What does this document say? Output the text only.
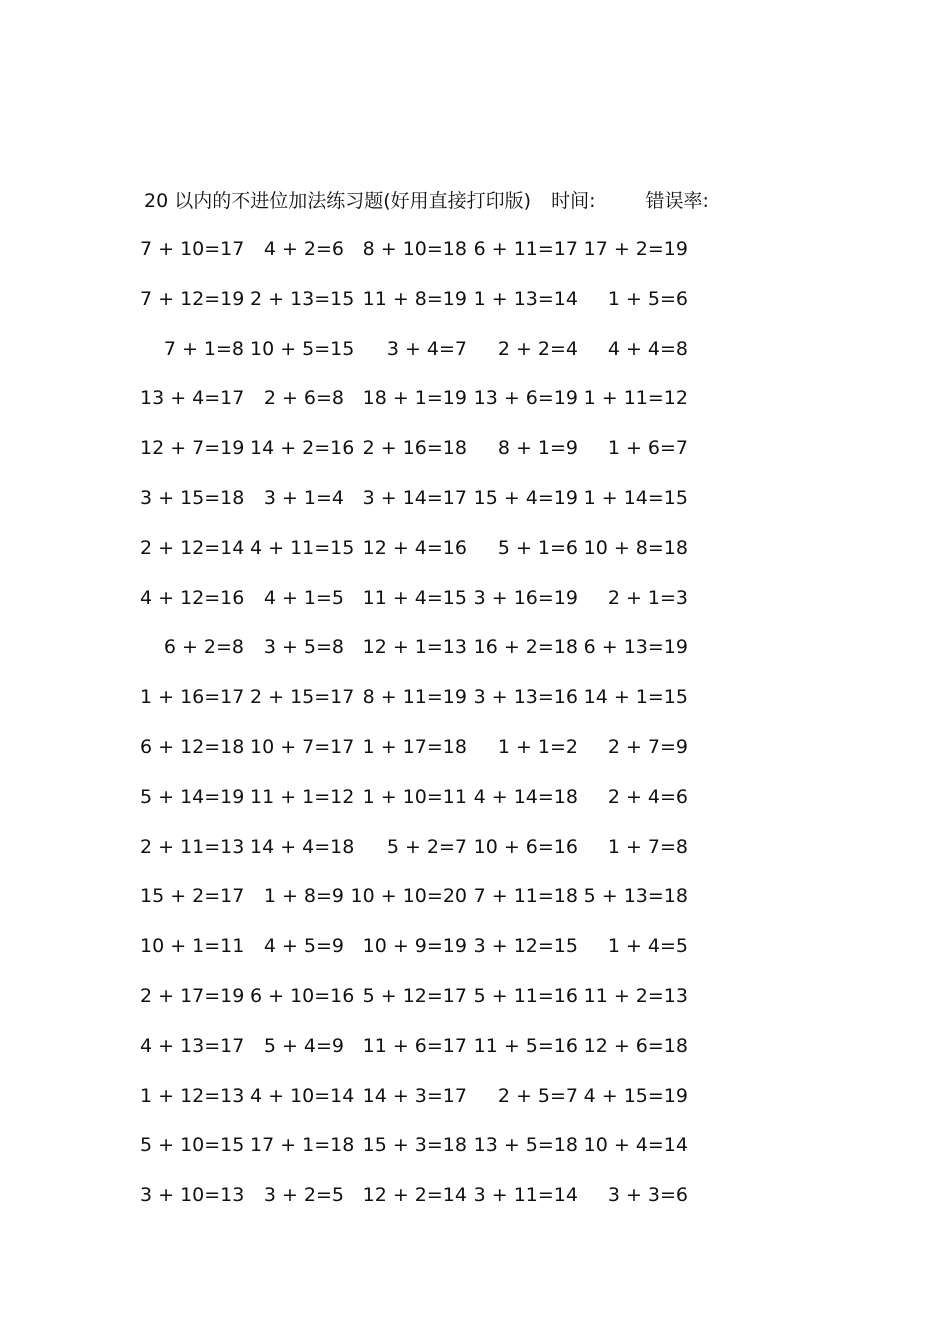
20 以内的不进位加法练习题(好用直接打印版) 时间:	错误率:
7 + 10=17	4 + 2=6 8 + 10=18 6 + 11=17 17 + 2=19
7 + 12=19 2 + 13=15 11 + 8=19 1 + 13=14	1 + 5=6
7 + 1=8 10 + 5=15	3 + 4=7	2 + 2=4	4 + 4=8
13 + 4=17	2 + 6=8 18 + 1=19 13 + 6=19 1 + 11=12
12 + 7=19 14 + 2=16 2 + 16=18	8 + 1=9	1 + 6=7
3 + 15=18	3 + 1=4 3 + 14=17 15 + 4=19 1 + 14=15
2 + 12=14 4 + 11=15 12 + 4=16	5 + 1=6 10 + 8=18
4 + 12=16	4 + 1=5 11 + 4=15 3 + 16=19	2 + 1=3
6 + 2=8	3 + 5=8 12 + 1=13 16 + 2=18 6 + 13=19
1 + 16=17 2 + 15=17 8 + 11=19 3 + 13=16 14 + 1=15
6 + 12=18 10 + 7=17 1 + 17=18	1 + 1=2	2 + 7=9
5 + 14=19 11 + 1=12 1 + 10=11 4 + 14=18	2 + 4=6
2 + 11=13 14 + 4=18	5 + 2=7 10 + 6=16	1 + 7=8
15 + 2=17	1 + 8=9 10 + 10=20 7 + 11=18 5 + 13=18
10 + 1=11	4 + 5=9 10 + 9=19 3 + 12=15	1 + 4=5
2 + 17=19 6 + 10=16 5 + 12=17 5 + 11=16 11 + 2=13
4 + 13=17	5 + 4=9 11 + 6=17 11 + 5=16 12 + 6=18
1 + 12=13 4 + 10=14 14 + 3=17	2 + 5=7 4 + 15=19
5 + 10=15 17 + 1=18 15 + 3=18 13 + 5=18 10 + 4=14
3 + 10=13	3 + 2=5 12 + 2=14 3 + 11=14	3 + 3=6
